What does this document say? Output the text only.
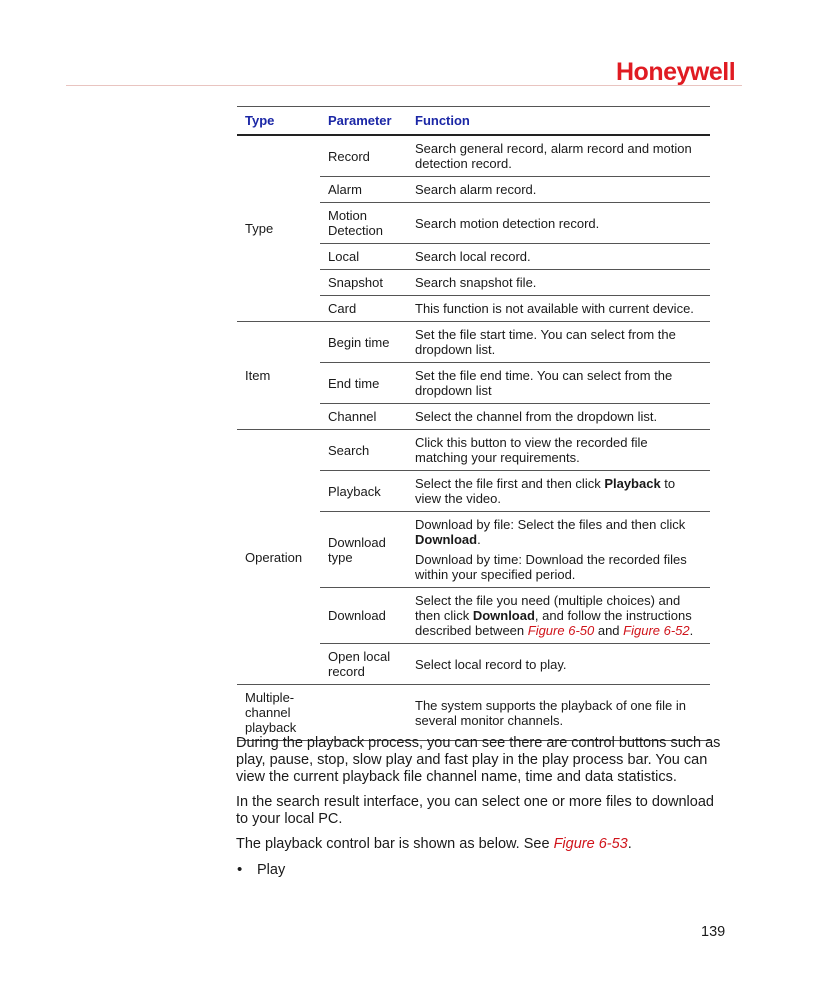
Honeywell
Type	Parameter	Function
Type	Record	Search general record, alarm record and motion detection record.

	Alarm	Search alarm record.

	Motion Detection	Search motion detection record.

	Local	Search local record.

	Snapshot	Search snapshot file.

	Card	This function is not available with current device.

Item	Begin time	Set the file start time. You can select from the dropdown list.

	End time	Set the file end time. You can select from the dropdown list

	Channel	Select the channel from the dropdown list.

Operation	Search	Click this button to view the recorded file matching your requirements.

	Playback	Select the file first and then click Playback to view the video.

	Download type	Download by file: Select the files and then click Download.
Download by time: Download the recorded files within your specified period.

	Download	Select the file you need (multiple choices) and then click Download, and follow the instructions described between Figure 6-50 and Figure 6-52.

	Open local record	Select local record to play.

Multiple-channel playback		The system supports the playback of one file in several monitor channels.

During the playback process, you can see there are control buttons such as play, pause, stop, slow play and fast play in the play process bar. You can view the current playback file channel name, time and data statistics.

In the search result interface, you can select one or more files to download to your local PC.

The playback control bar is shown as below. See Figure 6-53.

• Play
139
